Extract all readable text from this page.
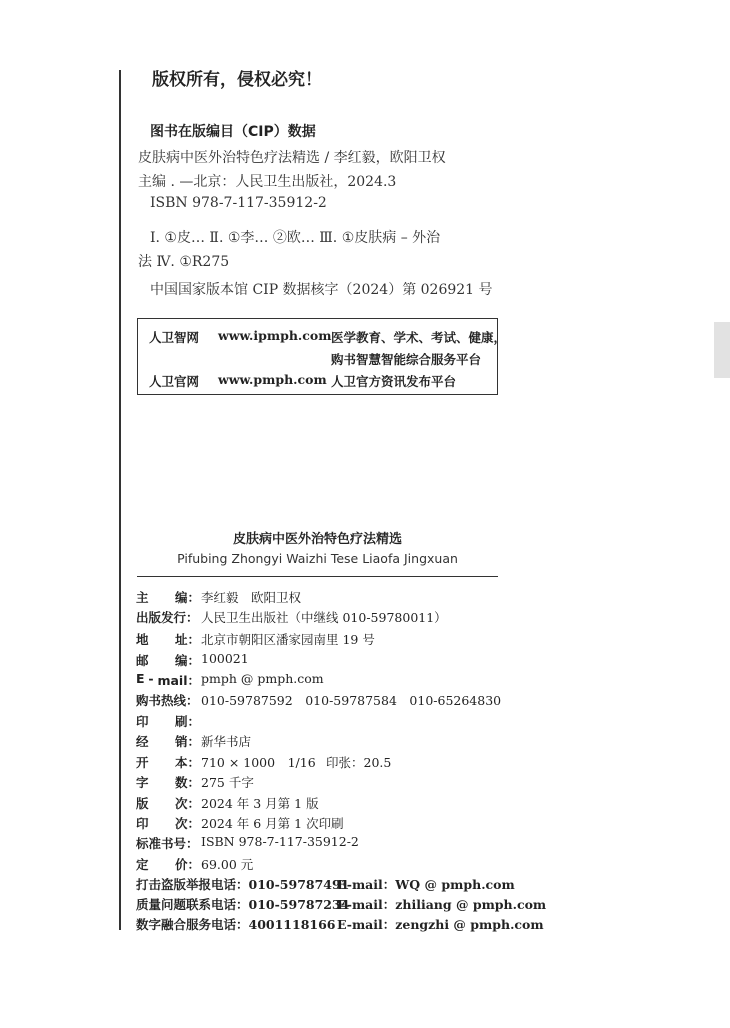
版权所有，侵权必究！
图书在版编目（CIP）数据
皮肤病中医外治特色疗法精选 / 李红毅，欧阳卫权
主编 . —北京：人民卫生出版社，2024.3
ISBN 978-7-117-35912-2
Ⅰ. ①皮… Ⅱ. ①李… ②欧… Ⅲ. ①皮肤病 – 外治
法 Ⅳ. ①R275
中国国家版本馆 CIP 数据核字（2024）第 026921 号
人卫智网 www.ipmph.com 医学教育、学术、考试、健康，
购书智慧智能综合服务平台
人卫官网 www.pmph.com 人卫官方资讯发布平台
皮肤病中医外治特色疗法精选
Pifubing Zhongyi Waizhi Tese Liaofa Jingxuan
主 编： 李红毅　欧阳卫权
出版发行： 人民卫生出版社（中继线 010-59780011）
地 址： 北京市朝阳区潘家园南里 19 号
邮 编： 100021
E - mail： pmph @ pmph.com
购书热线： 010-59787592　010-59787584　010-65264830
印 刷：
经 销： 新华书店
开 本： 710 × 1000　1/16 印张：20.5
字 数： 275 千字
版 次： 2024 年 3 月第 1 版
印 次： 2024 年 6 月第 1 次印刷
标准书号： ISBN 978-7-117-35912-2
定 价： 69.00 元
打击盗版举报电话：010-59787491
E-mail：WQ @ pmph.com
质量问题联系电话：010-59787234
E-mail：zhiliang @ pmph.com
数字融合服务电话：4001118166 E-mail：zengzhi @ pmph.com
